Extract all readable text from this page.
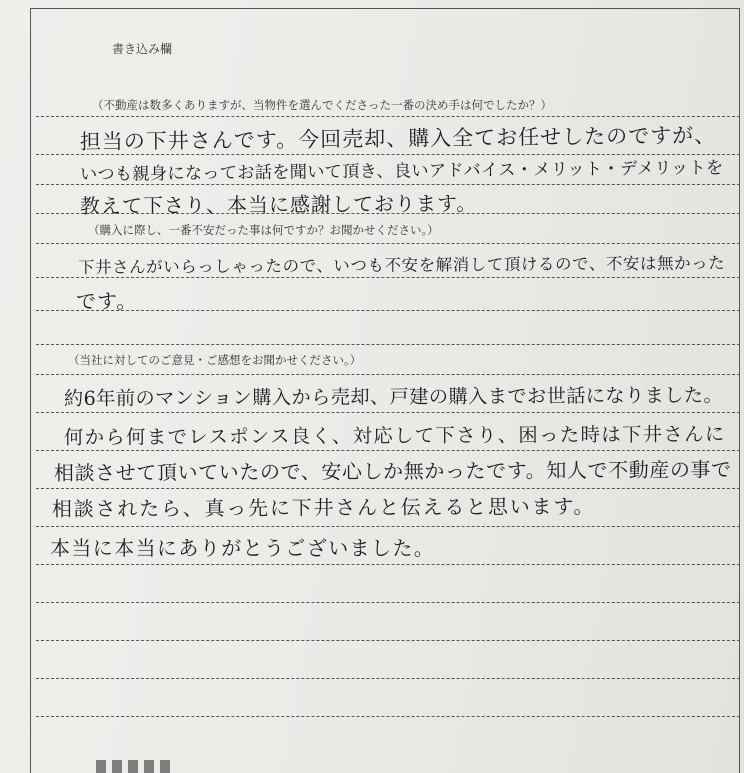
書き込み欄
（不動産は数多くありますが、当物件を選んでくださった一番の決め手は何でしたか？）
担当の下井さんです。今回売却、購入全てお任せしたのですが、
いつも親身になってお話を聞いて頂き、良いアドバイス・メリット・デメリットを
教えて下さり、本当に感謝しております。
（購入に際し、一番不安だった事は何ですか？お聞かせください。）
下井さんがいらっしゃったので、いつも不安を解消して頂けるので、不安は無かった
です。
（当社に対してのご意見・ご感想をお聞かせください。）
約6年前のマンション購入から売却、戸建の購入までお世話になりました。
何から何までレスポンス良く、対応して下さり、困った時は下井さんに
相談させて頂いていたので、安心しか無かったです。知人で不動産の事で
相談されたら、真っ先に下井さんと伝えると思います。
本当に本当にありがとうございました。
